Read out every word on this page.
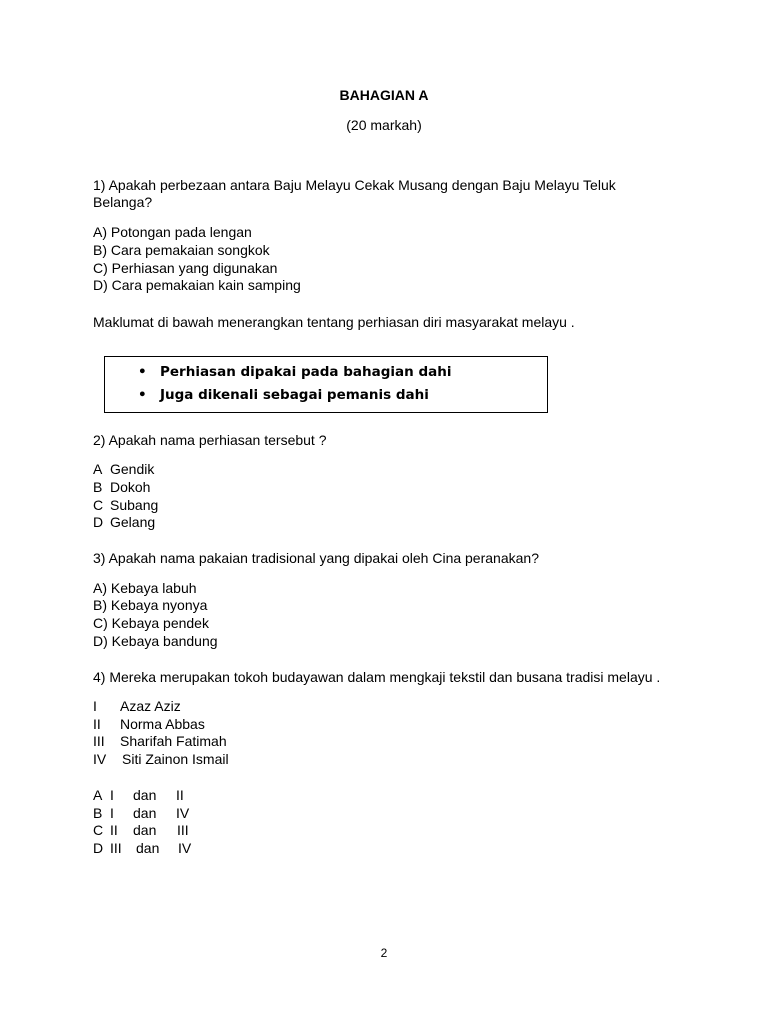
BAHAGIAN A
(20 markah)
1) Apakah perbezaan antara Baju Melayu Cekak Musang dengan Baju Melayu Teluk
Belanga?
A) Potongan pada lengan
B) Cara pemakaian songkok
C) Perhiasan yang digunakan
D) Cara pemakaian kain samping
Maklumat di bawah menerangkan tentang perhiasan diri masyarakat melayu .
• Perhiasan dipakai pada bahagian dahi
• Juga dikenali sebagai pemanis dahi
2) Apakah nama perhiasan tersebut ?
A Gendik
B Dokoh
C Subang
D Gelang
3) Apakah nama pakaian tradisional yang dipakai oleh Cina peranakan?
A) Kebaya labuh
B) Kebaya nyonya
C) Kebaya pendek
D) Kebaya bandung
4) Mereka merupakan tokoh budayawan dalam mengkaji tekstil dan busana tradisi melayu .
I Azaz Aziz
II Norma Abbas
III Sharifah Fatimah
IV Siti Zainon Ismail
A I dan II
B I dan IV
C II dan III
D III dan IV
2
